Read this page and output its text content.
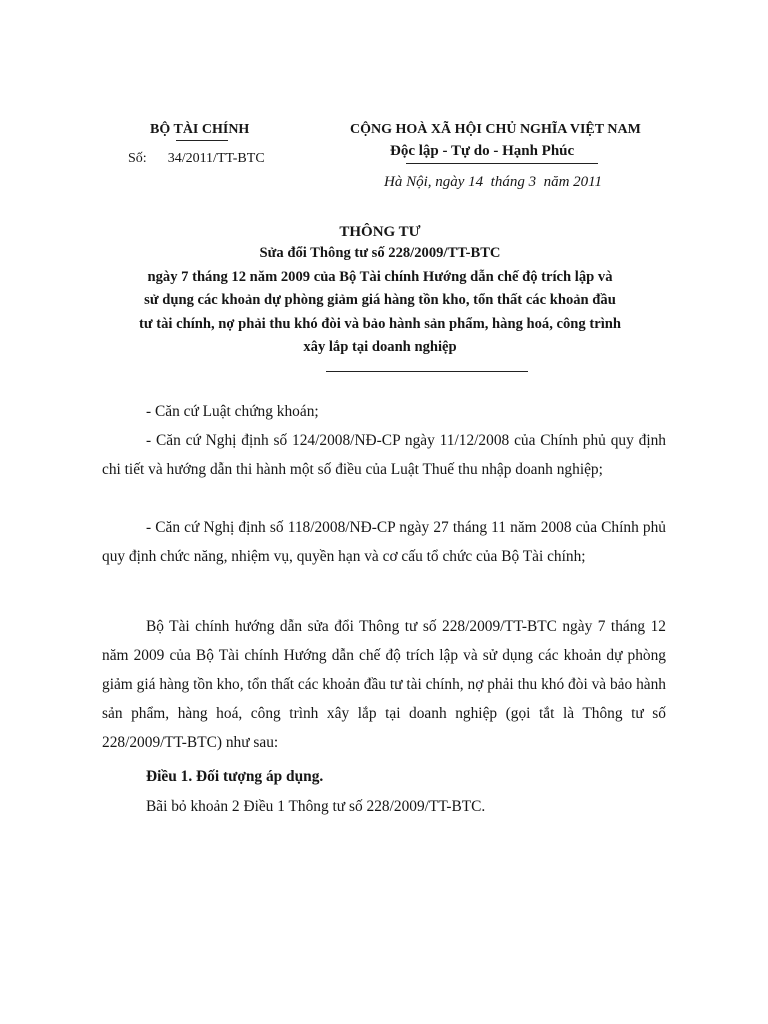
BỘ TÀI CHÍNH
Số: 34/2011/TT-BTC
CỘNG HOÀ XÃ HỘI CHỦ NGHĨA VIỆT NAM
Độc lập - Tự do - Hạnh Phúc
Hà Nội, ngày 14  tháng 3  năm 2011
THÔNG TƯ
Sửa đổi Thông tư số 228/2009/TT-BTC
ngày 7 tháng 12 năm 2009 của Bộ Tài chính Hướng dẫn chế độ trích lập và
sử dụng các khoản dự phòng giảm giá hàng tồn kho, tổn thất các khoản đầu
tư tài chính, nợ phải thu khó đòi và bảo hành sản phẩm, hàng hoá, công trình
xây lắp tại doanh nghiệp
- Căn cứ Luật chứng khoán;
- Căn cứ Nghị định số 124/2008/NĐ-CP ngày 11/12/2008 của Chính phủ quy định chi tiết và hướng dẫn thi hành một số điều của Luật Thuế thu nhập doanh nghiệp;
- Căn cứ Nghị định số 118/2008/NĐ-CP ngày 27 tháng 11 năm 2008 của Chính phủ quy định chức năng, nhiệm vụ, quyền hạn và cơ cấu tổ chức của Bộ Tài chính;
Bộ Tài chính hướng dẫn sửa đổi Thông tư số 228/2009/TT-BTC ngày 7 tháng 12 năm 2009 của Bộ Tài chính Hướng dẫn chế độ trích lập và sử dụng các khoản dự phòng giảm giá hàng tồn kho, tổn thất các khoản đầu tư tài chính, nợ phải thu khó đòi và bảo hành sản phẩm, hàng hoá, công trình xây lắp tại doanh nghiệp (gọi tắt là Thông tư số 228/2009/TT-BTC) như sau:
Điều 1. Đối tượng áp dụng.
Bãi bỏ khoản 2 Điều 1 Thông tư số 228/2009/TT-BTC.
